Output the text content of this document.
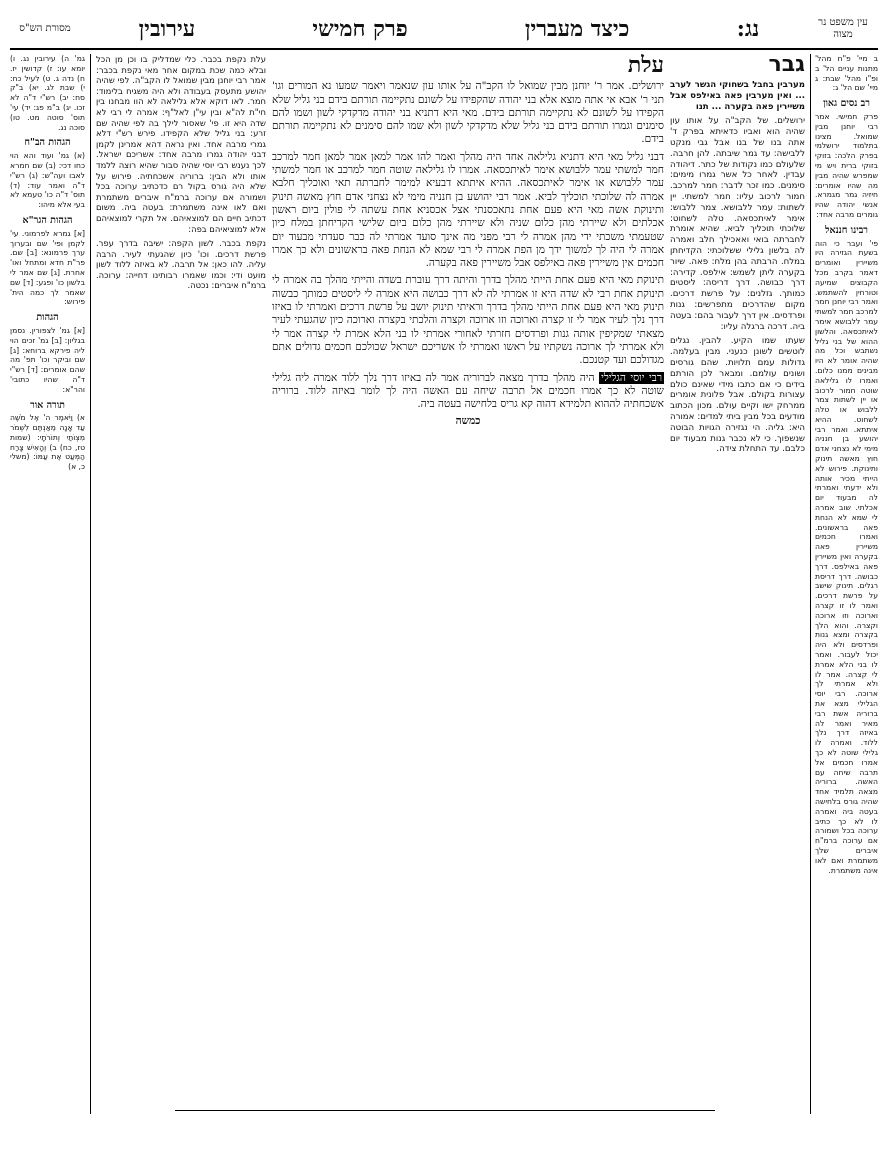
עין משפט נר מצוה
נג:
כיצד מעברין
פרק חמישי
עירובין
מסורת הש"ס

גמ' ה) עירובין נג. ו) יומא עו: ז) קדושין יז. ח) נדה ג. ט) לעיל כח: י) שבת לג. יא) ב"ק סח: יב) רש"י ד"ה לא זכו. יג) ב"מ פג: יד) עי' תוס' סוטה מט. טו) סוכה נג.

הגהות הב"ח

(א) גמ' ועוד והא הוי כחו דכי: (ב) שם חמרא לאבו ועה"ש: (ג) רש"י ד"ה ואמר עוד: (ד) תוס' ד"ה כו' טעמא לא בעי אלא מיהו:

הגהות הגר"א

[א] גמרא לפרמוני. עי' לקמן ופי' שם ובערוך ערך פרמונא: [ב] שם. פר"ת חדא ומתחל ואו' אחרת. [ג] שם אמר לי בלשון כו' ופגע: [ד] שם שאמר לך כמה הית' פירוש:

הגהות

[א] גמ' לצפורין. נסמן בגליון: [ב] גמ' זכים הוי ליה פירקא ברוחא: [ג] שם וביקר וכו' תפ' מה שהם אומרים: [ד] רש"י ד"ה שהיו כתובי' והר"א:

תורה אור

א) וַיֹּאמֶר ה' אֶל מֹשֶׁה עַד אָנָה מֵאַנְתֶּם לִשְׁמֹר מִצְוֹתַי וְתוֹרֹתָי: (שמות טז, כח) ב) וְהָאִישׁ צָרַח הַמְּעַט אֶת עַמּוֹ: (משלי כ, א)

עלת נקפת בכבר. כלי שמדליק בו וכן מן הכל ובלא כמה שכת במקום אחר מאי נקפת בכבר: אמר רבי יוחנן מבין שמואל לו הקב"ה. לפי שהיה יהושע מתעסק בעבודה ולא היה משגיח בלימוד: חמר. לאו דוקא אלא גלילאה לא הוו מבחנו בין חי"ת לה"א ובין עי"ן לאל"ף: אמרה לי רבי לא שדה היא זו. פי' שאסור לילך בה לפי שהיה שם זרע: בני גליל שלא הקפידו. פירש רש"י דלא גמרי מרבה אחד. ואין נראה דהא אמרינן לקמן דבני יהודה גמרו מרבה אחד: אשריכם ישראל. לכך נענש רבי יוסי שהיה סבור שהיא רוצה ללמד אותו ולא הבין: ברוריה אשכחתיה. פירוש על שלא היה גורס בקול רם כדכתיב ערוכה בכל ושמורה אם ערוכה ברמ"ח איברים משתמרת ואם לאו אינה משתמרת: בעטה ביה. משום דכתיב חיים הם למוצאיהם. אל תקרי למוצאיהם אלא למוציאיהם בפה:

נקפת בכבר. לשון הקפה: ישיבה בדרך עפר. פרשת דרכים. וכו' כיון שהגעתי לעיר. הרבה עליה. להו כאן: אל תרבה. לא באיזה ללוד לשון מועט ודי: וכמו שאמרו רבותינו דחייה: ערוכה. ברמ"ח איברים: נכטה.

עלת

ירושלים. אמר ר' יוחנן מבין שמואל לו הקב"ה על אותו עון שנאמר ויאמר שמעו נא המורים וגו' תני ר' אבא אי אתה מוצא אלא בני יהודה שהקפידו על לשונם נתקיימה תורתם בידם בני גליל שלא הקפידו על לשונם לא נתקיימה תורתם בידם. מאי היא דתניא בני יהודה מדקדקי לשון ושמו להם סימנים וגמרו תורתם בידם בני גליל שלא מדקדקי לשון ולא שמו להם סימנים לא נתקיימה תורתם בידם.

דבני גליל מאי היא דתניא גלילאה אחד היה מהלך ואמר להו אמר למאן אמר למאן חמר למרכב חמר למשתי עמר ללבושא אימר לאיתכסאה. אמרו לו גלילאה שוטה חמר למרכב או חמר למשתי עמר ללבושא או אימר לאיתכסאה. ההיא איתתא דבעיא למימר לחברתה תאי ואוכליך חלבא אמרה לה שלוכתי תוכליך לביא. אמר רבי יהושע בן חנניה מימי לא נצחני אדם חוץ מאשה תינוק ותינוקת אשה מאי היא פעם אחת נתאכסנתי אצל אכסניא אחת עשתה לי פולין ביום ראשון אכלתים ולא שיירתי מהן כלום שניה ולא שיירתי מהן כלום ביום שלישי הקדיחתן במלח כיון שטעמתי משכתי ידי מהן אמרה לי רבי מפני מה אינך סועד אמרתי לה כבר סעדתי מבעוד יום אמרה לי היה לך למשוך ידך מן הפת אמרה לי רבי שמא לא הנחת פאה בראשונים ולא כך אמרו חכמים אין משיירין פאה באילפס אבל משיירין פאה בקערה.

תינוקת מאי היא פעם אחת הייתי מהלך בדרך והיתה דרך עוברת בשדה והייתי מהלך בה אמרה לי תינוקת אחת רבי לא שדה היא זו אמרתי לה לא דרך כבושה היא אמרה לי ליסטים כמותך כבשוה תינוק מאי היא פעם אחת הייתי מהלך בדרך וראיתי תינוק יושב על פרשת דרכים ואמרתי לו באיזו דרך נלך לעיר אמר לי זו קצרה וארוכה וזו ארוכה וקצרה והלכתי בקצרה וארוכה כיון שהגעתי לעיר מצאתי שמקיפין אותה גנות ופרדסים חזרתי לאחורי אמרתי לו בני הלא אמרת לי קצרה אמר לי ולא אמרתי לך ארוכה נשקתיו על ראשו ואמרתי לו אשריכם ישראל שכולכם חכמים גדולים אתם מגדולכם ועד קטנכם.

רבי יוסי הגלילי היה מהלך בדרך מצאה לברוריה אמר לה באיזו דרך נלך ללוד אמרה ליה גלילי שוטה לא כך אמרו חכמים אל תרבה שיחה עם האשה היה לך לומר באיזה ללוד. ברוריה אשכחתיה לההוא תלמידא דהוה קא גריס בלחישה בעטה ביה.

כמשה

גבר

מערבין בחבל בשחוקי הגשר לערב ... ואין מערבין פאה באילפס אבל משיירין פאה בקערה ... תנו

ירושלים. של הקב"ה על אותו עון שהיה הוא ואביו כדאיתא בפרק ד' אתה בנו של בנו אבל גבי מנקט ללבישה: עד גמר שיבתה. להן חרבה. שלעולם כמו נקודות של כתר. דיהודה עבדין. לאחר כל אשר גמרו מימים: סימנים. כמו זכר לדבר: חמר למרכב. חמור לרכוב עליו: חמר למשתי. יין לשתות: עמר ללבושא. צמר ללבוש: אימר לאיתכסאה. טלה לשחוט: שלוכתי תוכליך לביא. שהיא אומרת לחברתה בואי ואאכילך חלב ואמרה לה בלשון גלילי ששלוכתי: הקדיחתן במלח. הרבתה בהן מלח: פאה. שיור בקערה ליתן לשמש: אילפס. קדירה: דרך כבושה. דרך דריסה: ליסטים כמותך. גזלנים: על פרשת דרכים. מקום שהדרכים מתפרשים: גנות ופרדסים. אין דרך לעבור בהם: בעטה ביה. דרכה ברגלה עליו:

שעתו שמו הקיע. להבין. נגלים לוטשים לשונן כנעני. מבין בעלמה. גדולות עמם תלויות. שהם גורסים ושונים עולמם. ומבאר לכן הורתם בידים כי אם כתבו מידי שאינם כולם עצורות בקולם. אבל פלונית אומרים ממרחק ישו וקיים עולם. מכון הכתוב מודעים בכל מבין ביתי למדים: אמורה היא: גליה. הי נגזירה הגויות הבוטה שנשפוך. כי לא נכבר גנות מבעוד יום כלבם. עד התחלת צידה.

ב מיי' פ"ח מהל' מתנות עניים הל' ב ופ"ו מהל' שבת: ג מיי' שם הל' ג:

רב נסים גאון

פרק חמישי. אמר רבי יוחנן מבין שמואל. מצינו בתלמוד ירושלמי בפרק הלכה: בזוקי בזוקי ברית ויש מי שמפרש שהיה מבין מה שהיו אומרים: חיזיה גמר מגמרא. אנשי יהודה שהיו גומרים מרבה אחד:

רבינו חננאל

פי' ועבר כי הוה בשעת הגזירה היו משיירין ואומרים דאמר בקרב מכל הקבוצים שמיעה וטורחין להשתמש. ואמר רבי יוחנן חמר למרכב חמר למשתי עמר ללבושא אימר לאיתכסאה. והלשון ההוא של בני גליל נשתבש וכל מה שהיה אומר לא היו מבינים ממנו כלום. ואמרו לו גלילאה שוטה חמור לרכוב או יין לשתות צמר ללבוש או טלה לשחוט. ההיא איתתא. ואמר רבי יהושע בן חנניה מימי לא נצחני אדם חוץ מאשה תינוק ותינוקת. פירוש לא הייתי מכיר אותה ולא ידעתי ואמרתי לה מבעוד יום אכלתי. שוב אמרה לי שמא לא הנחת פאה בראשונים. ואמרו חכמים משיירין פאה בקערה ואין משיירין פאה באילפס. דרך כבושה. דרך דריסת רגלים. תינוק שישב על פרשת דרכים. ואמר לו זו קצרה וארוכה וזו ארוכה וקצרה. והוא הלך בקצרה ומצא גנות ופרדסים ולא היה יכול לעבור. ואמר לו בני הלא אמרת לי קצרה. אמר לו ולא אמרתי לך ארוכה. רבי יוסי הגלילי מצא את ברוריה אשת רבי מאיר ואמר לה באיזה דרך נלך ללוד. ואמרה לו גלילי שוטה לא כך אמרו חכמים אל תרבה שיחה עם האשה. ברוריה מצאה תלמיד אחד שהיה גורס בלחישה בעטה ביה ואמרה לו לא כך כתיב ערוכה בכל ושמורה אם ערוכה ברמ"ח איברים שלך משתמרת ואם לאו אינה משתמרת.
